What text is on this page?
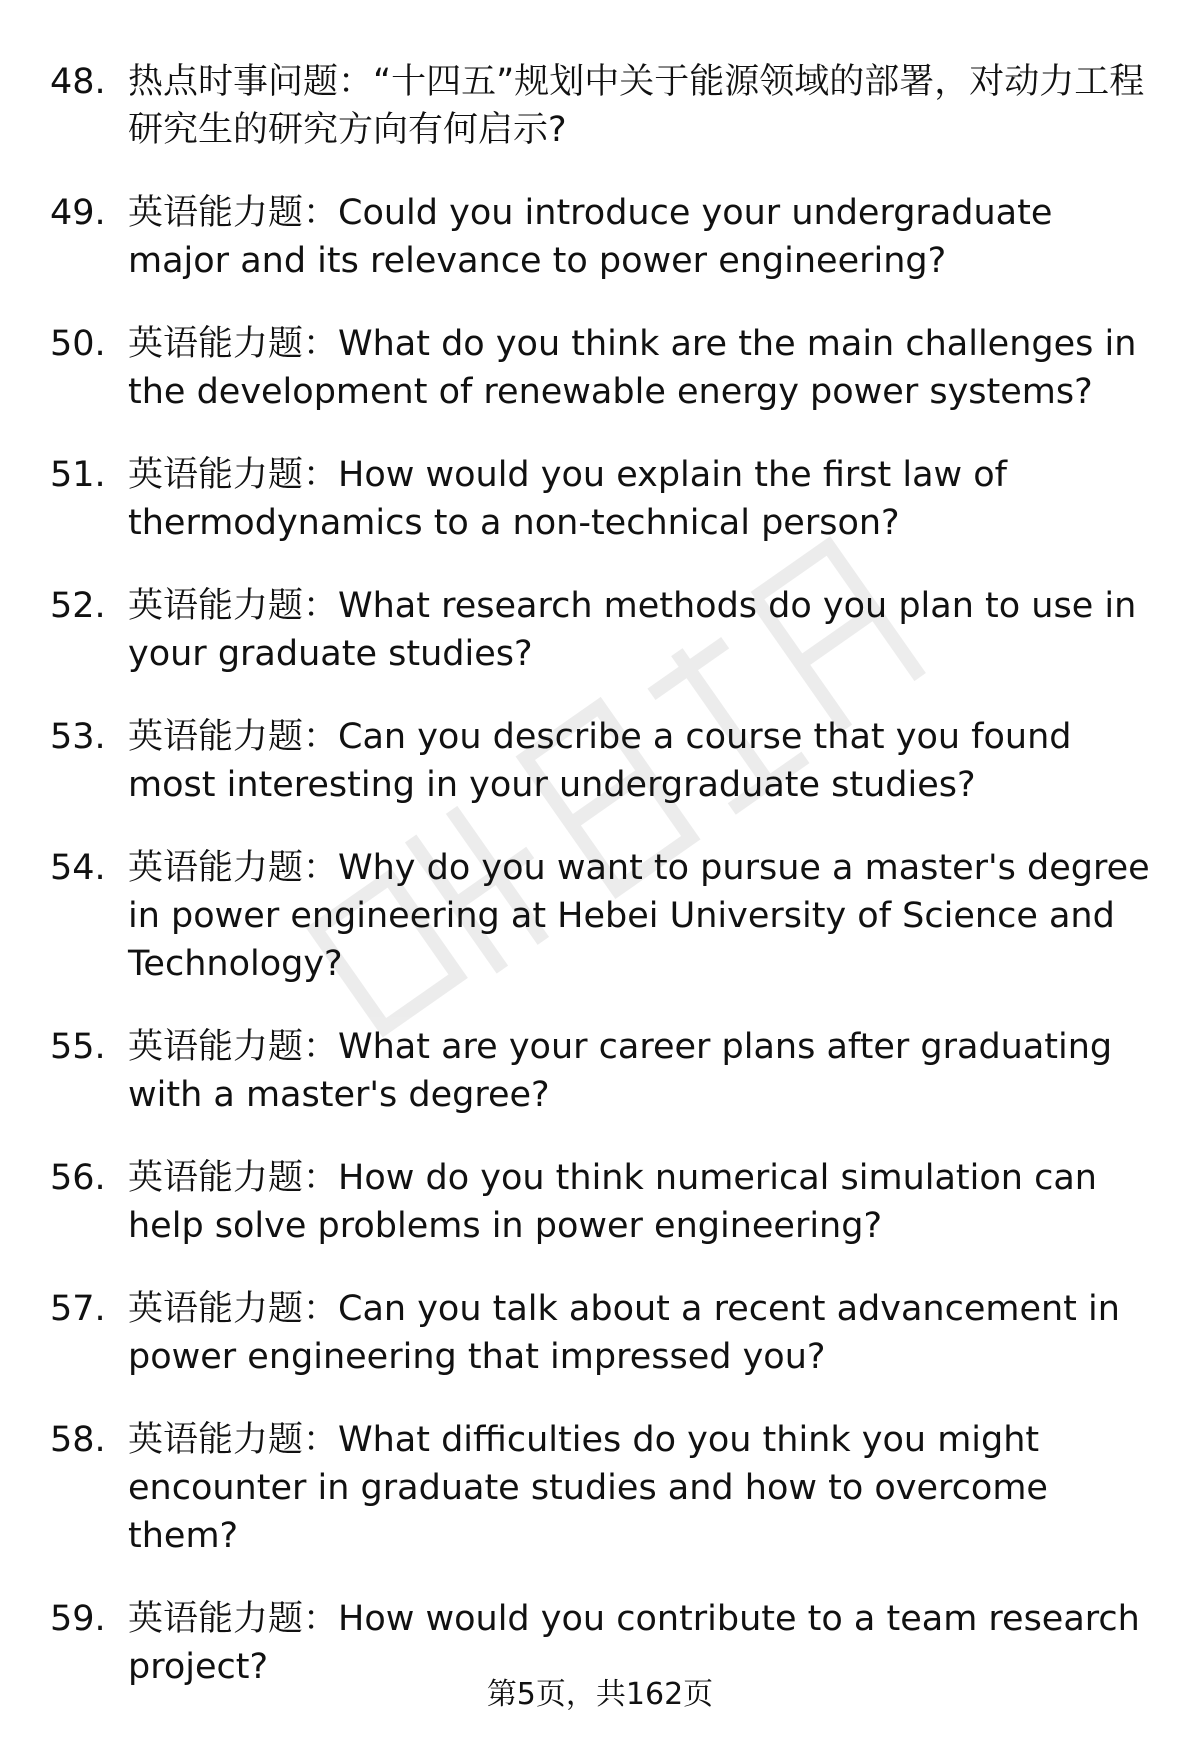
48. 热点时事问题：“十四五”规划中关于能源领域的部署，对动力工程研究生的研究方向有何启示?
49. 英语能力题：Could you introduce your undergraduate major and its relevance to power engineering?
50. 英语能力题：What do you think are the main challenges in the development of renewable energy power systems?
51. 英语能力题：How would you explain the first law of thermodynamics to a non-technical person?
52. 英语能力题：What research methods do you plan to use in your graduate studies?
53. 英语能力题：Can you describe a course that you found most interesting in your undergraduate studies?
54. 英语能力题：Why do you want to pursue a master's degree in power engineering at Hebei University of Science and Technology?
55. 英语能力题：What are your career plans after graduating with a master's degree?
56. 英语能力题：How do you think numerical simulation can help solve problems in power engineering?
57. 英语能力题：Can you talk about a recent advancement in power engineering that impressed you?
58. 英语能力题：What difficulties do you think you might encounter in graduate studies and how to overcome them?
59. 英语能力题：How would you contribute to a team research project?
第5页，共162页
